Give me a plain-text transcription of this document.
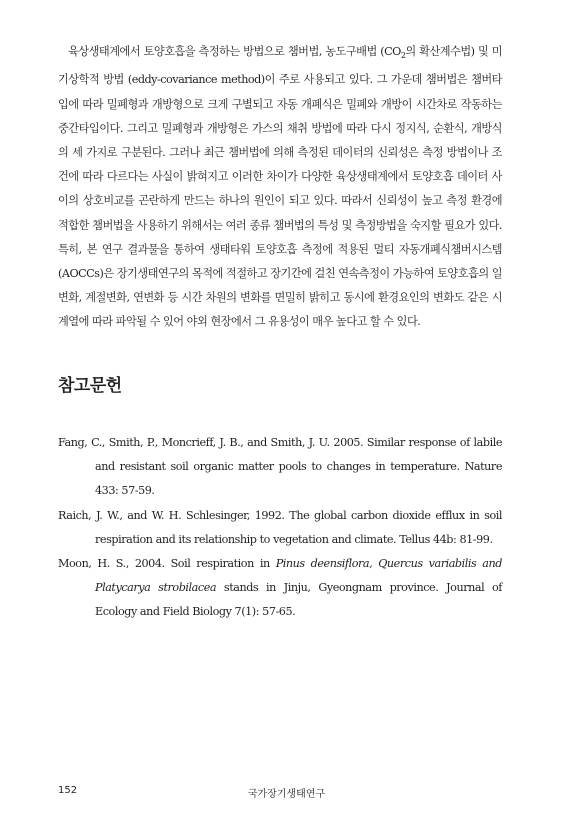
육상생태계에서 토양호흡을 측정하는 방법으로 챔버법, 농도구배법 ($CO_2$의 확산계수법) 및 미기상학적 방법 (eddy-covariance method)이 주로 사용되고 있다. 그 가운데 챔버법은 챔버타입에 따라 밀폐형과 개방형으로 크게 구별되고 자동 개폐식은 밀폐와 개방이 시간차로 작동하는 중간타입이다. 그리고 밀폐형과 개방형은 가스의 채취 방법에 따라 다시 정지식, 순환식, 개방식의 세 가지로 구분된다. 그러나 최근 챔버법에 의해 측정된 데이터의 신뢰성은 측정 방법이나 조건에 따라 다르다는 사실이 밝혀지고 이러한 차이가 다양한 육상생태계에서 토양호흡 데이터 사이의 상호비교를 곤란하게 만드는 하나의 원인이 되고 있다. 따라서 신뢰성이 높고 측정 환경에 적합한 챔버법을 사용하기 위해서는 여러 종류 챔버법의 특성 및 측정방법을 숙지할 필요가 있다. 특히, 본 연구 결과물을 통하여 생태타워 토양호흡 측정에 적용된 멀티 자동개폐식챔버시스템 (AOCCs)은 장기생태연구의 목적에 적절하고 장기간에 걸친 연속측정이 가능하여 토양호흡의 일변화, 계절변화, 연변화 등 시간 차원의 변화를 면밀히 밝히고 동시에 환경요인의 변화도 같은 시계열에 따라 파악될 수 있어 야외 현장에서 그 유용성이 매우 높다고 할 수 있다.

참고문헌
Fang, C., Smith, P., Moncrieff, J. B., and Smith, J. U. 2005. Similar response of labile and resistant soil organic matter pools to changes in temperature. Nature 433: 57-59.
Raich, J. W., and W. H. Schlesinger, 1992. The global carbon dioxide efflux in soil respiration and its relationship to vegetation and climate. Tellus 44b: 81-99.
Moon, H. S., 2004. Soil respiration in Pinus deensiflora, Quercus variabilis and Platycarya strobilacea stands in Jinju, Gyeongnam province. Journal of Ecology and Field Biology 7(1): 57-65.
152	국가장기생태연구
